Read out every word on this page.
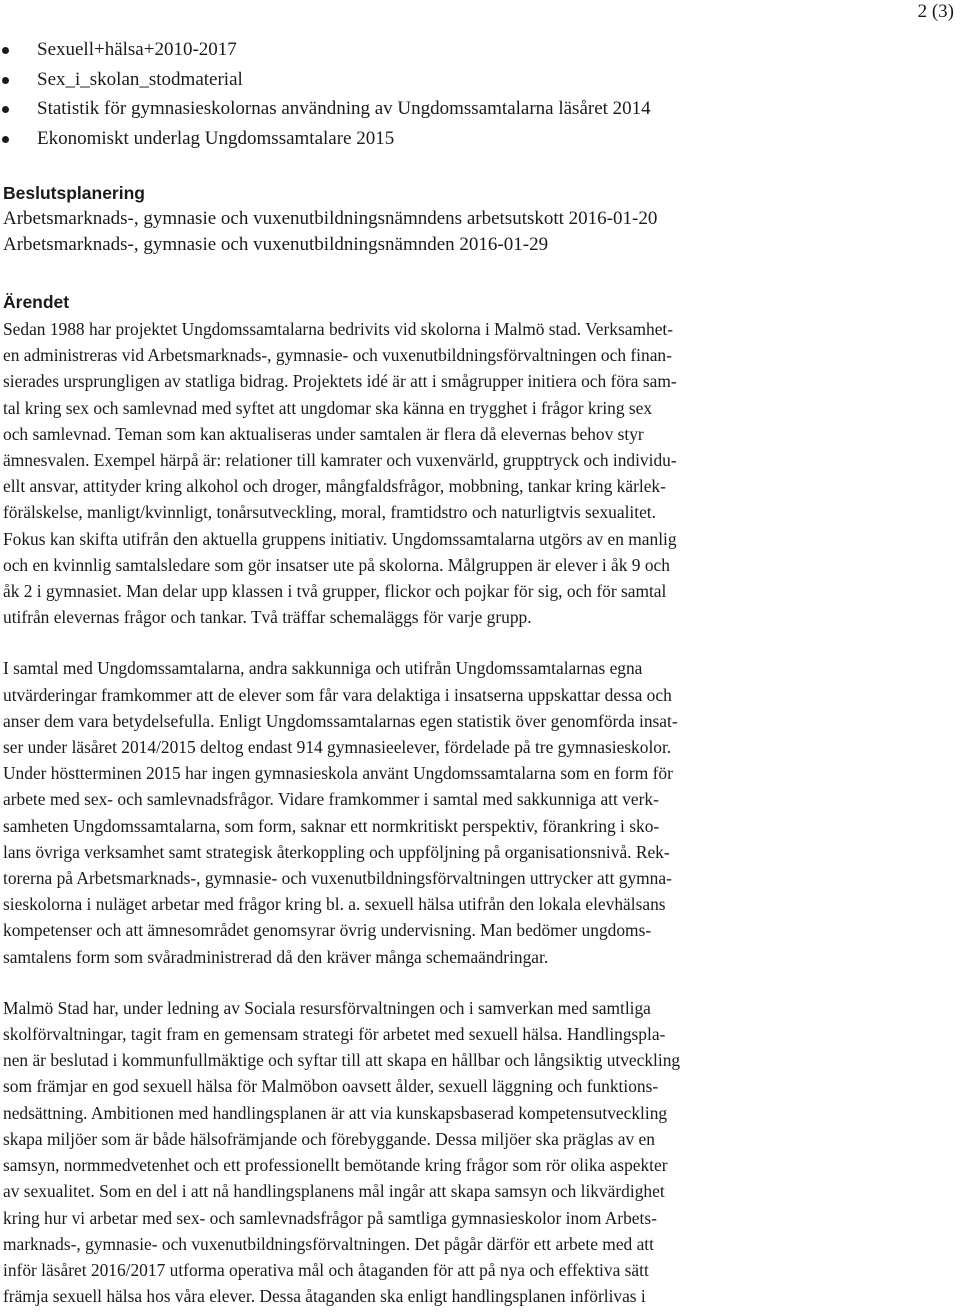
2 (3)
Sexuell+hälsa+2010-2017
Sex_i_skolan_stodmaterial
Statistik för gymnasieskolornas användning av Ungdomssamtalarna läsåret 2014
Ekonomiskt underlag Ungdomssamtalare 2015

Beslutsplanering

Arbetsmarknads-, gymnasie och vuxenutbildningsnämndens arbetsutskott 2016-01-20

Arbetsmarknads-, gymnasie och vuxenutbildningsnämnden 2016-01-29

Ärendet

Sedan 1988 har projektet Ungdomssamtalarna bedrivits vid skolorna i Malmö stad. Verksamhet-
en administreras vid Arbetsmarknads-, gymnasie- och vuxenutbildningsförvaltningen och finan-
sierades ursprungligen av statliga bidrag. Projektets idé är att i smågrupper initiera och föra sam-
tal kring sex och samlevnad med syftet att ungdomar ska känna en trygghet i frågor kring sex
och samlevnad. Teman som kan aktualiseras under samtalen är flera då elevernas behov styr
ämnesvalen. Exempel härpå är: relationer till kamrater och vuxenvärld, grupptryck och individu-
ellt ansvar, attityder kring alkohol och droger, mångfaldsfrågor, mobbning, tankar kring kärlek-
förälskelse, manligt/kvinnligt, tonårsutveckling, moral, framtidstro och naturligtvis sexualitet.
Fokus kan skifta utifrån den aktuella gruppens initiativ. Ungdomssamtalarna utgörs av en manlig
och en kvinnlig samtalsledare som gör insatser ute på skolorna. Målgruppen är elever i åk 9 och
åk 2 i gymnasiet. Man delar upp klassen i två grupper, flickor och pojkar för sig, och för samtal
utifrån elevernas frågor och tankar. Två träffar schemaläggs för varje grupp.

I samtal med Ungdomssamtalarna, andra sakkunniga och utifrån Ungdomssamtalarnas egna
utvärderingar framkommer att de elever som får vara delaktiga i insatserna uppskattar dessa och
anser dem vara betydelsefulla. Enligt Ungdomssamtalarnas egen statistik över genomförda insat-
ser under läsåret 2014/2015 deltog endast 914 gymnasieelever, fördelade på tre gymnasieskolor.
Under höstterminen 2015 har ingen gymnasieskola använt Ungdomssamtalarna som en form för
arbete med sex- och samlevnadsfrågor. Vidare framkommer i samtal med sakkunniga att verk-
samheten Ungdomssamtalarna, som form, saknar ett normkritiskt perspektiv, förankring i sko-
lans övriga verksamhet samt strategisk återkoppling och uppföljning på organisationsnivå. Rek-
torerna på Arbetsmarknads-, gymnasie- och vuxenutbildningsförvaltningen uttrycker att gymna-
sieskolorna i nuläget arbetar med frågor kring bl. a. sexuell hälsa utifrån den lokala elevhälsans
kompetenser och att ämnesområdet genomsyrar övrig undervisning. Man bedömer ungdoms-
samtalens form som svåradministrerad då den kräver många schemaändringar.

Malmö Stad har, under ledning av Sociala resursförvaltningen och i samverkan med samtliga
skolförvaltningar, tagit fram en gemensam strategi för arbetet med sexuell hälsa. Handlingspla-
nen är beslutad i kommunfullmäktige och syftar till att skapa en hållbar och långsiktig utveckling
som främjar en god sexuell hälsa för Malmöbon oavsett ålder, sexuell läggning och funktions-
nedsättning. Ambitionen med handlingsplanen är att via kunskapsbaserad kompetensutveckling
skapa miljöer som är både hälsofrämjande och förebyggande. Dessa miljöer ska präglas av en
samsyn, normmedvetenhet och ett professionellt bemötande kring frågor som rör olika aspekter
av sexualitet. Som en del i att nå handlingsplanens mål ingår att skapa samsyn och likvärdighet
kring hur vi arbetar med sex- och samlevnadsfrågor på samtliga gymnasieskolor inom Arbets-
marknads-, gymnasie- och vuxenutbildningsförvaltningen. Det pågår därför ett arbete med att
inför läsåret 2016/2017 utforma operativa mål och åtaganden för att på nya och effektiva sätt
främja sexuell hälsa hos våra elever. Dessa åtaganden ska enligt handlingsplanen införlivas i
